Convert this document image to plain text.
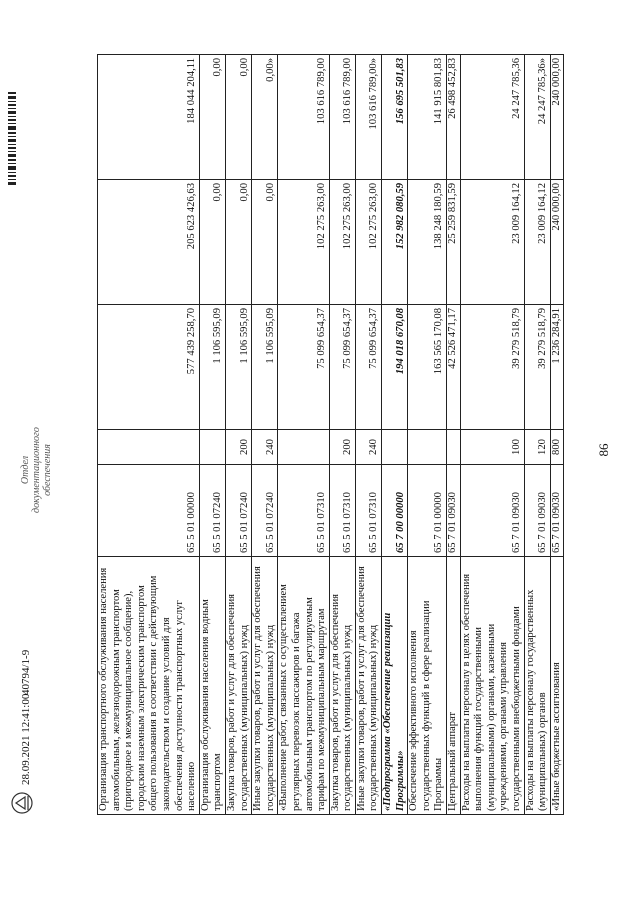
86
Организация транспортного обслуживания населения автомобильным, железнодорожным транспортом (пригородное и межмуниципальное сообщение), городским наземным электрическим транспортом общего пользования в соответствии с действующим законодательством и создание условий для обеспечения доступности транспортных услуг населению	65 5 01 00000		577 439 258,70	205 623 426,63	184 044 204,11
Организация обслуживания населения водным транспортом	65 5 01 07240		1 106 595,09	0,00	0,00
Закупка товаров, работ и услуг для обеспечения государственных (муниципальных) нужд	65 5 01 07240	200	1 106 595,09	0,00	0,00
Иные закупки товаров, работ и услуг для обеспечения государственных (муниципальных) нужд	65 5 01 07240	240	1 106 595,09	0,00	0,00»
«Выполнение работ, связанных с осуществлением регулярных перевозок пассажиров и багажа автомобильным транспортом по регулируемым тарифам по межмуниципальным маршрутам	65 5 01 07310		75 099 654,37	102 275 263,00	103 616 789,00
Закупка товаров, работ и услуг для обеспечения государственных (муниципальных) нужд	65 5 01 07310	200	75 099 654,37	102 275 263,00	103 616 789,00
Иные закупки товаров, работ и услуг для обеспечения государственных (муниципальных) нужд	65 5 01 07310	240	75 099 654,37	102 275 263,00	103 616 789,00»
«Подпрограмма «Обеспечение реализации Программы»	65 7 00 00000		194 018 670,08	152 982 080,59	156 695 501,83
Обеспечение эффективного исполнения государственных функций в сфере реализации Программы	65 7 01 00000		163 565 170,08	138 248 180,59	141 915 801,83
Центральный аппарат	65 7 01 09030		42 526 471,17	25 259 831,59	26 498 452,83
Расходы на выплаты персоналу в целях обеспечения выполнения функций государственными (муниципальными) органами, казенными учреждениями, органами управления государственными внебюджетными фондами	65 7 01 09030	100	39 279 518,79	23 009 164,12	24 247 785,36
Расходы на выплаты персоналу государственных (муниципальных) органов	65 7 01 09030	120	39 279 518,79	23 009 164,12	24 247 785,36»
«Иные бюджетные ассигнования	65 7 01 09030	800	1 236 284,91	240 000,00	240 000,00
28.09.2021 12:41:00
40794/1-9
Отдел документационного обеспечения
